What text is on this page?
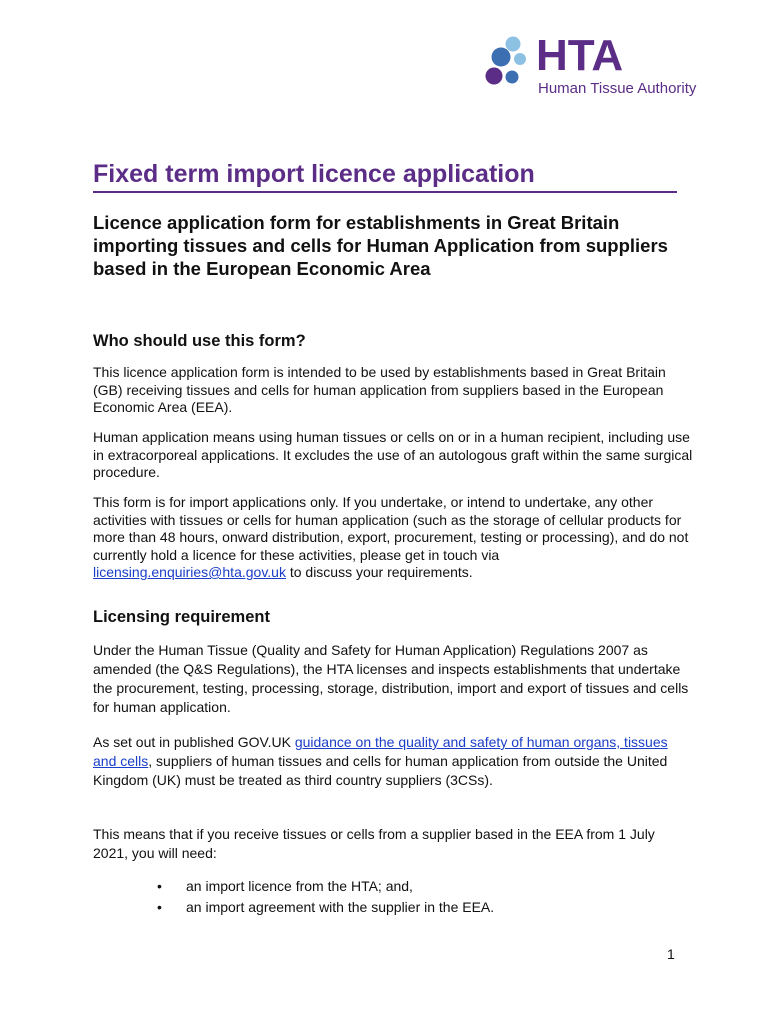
HTA
Human Tissue Authority
Fixed term import licence application
Licence application form for establishments in Great Britain importing tissues and cells for Human Application from suppliers based in the European Economic Area
Who should use this form?

This licence application form is intended to be used by establishments based in Great Britain (GB) receiving tissues and cells for human application from suppliers based in the European Economic Area (EEA).

Human application means using human tissues or cells on or in a human recipient, including use in extracorporeal applications. It excludes the use of an autologous graft within the same surgical procedure.

This form is for import applications only. If you undertake, or intend to undertake, any other activities with tissues or cells for human application (such as the storage of cellular products for more than 48 hours, onward distribution, export, procurement, testing or processing), and do not currently hold a licence for these activities, please get in touch via licensing.enquiries@hta.gov.uk to discuss your requirements.

Licensing requirement

Under the Human Tissue (Quality and Safety for Human Application) Regulations 2007 as amended (the Q&S Regulations), the HTA licenses and inspects establishments that undertake the procurement, testing, processing, storage, distribution, import and export of tissues and cells for human application.

As set out in published GOV.UK guidance on the quality and safety of human organs, tissues and cells, suppliers of human tissues and cells for human application from outside the United Kingdom (UK) must be treated as third country suppliers (3CSs).

This means that if you receive tissues or cells from a supplier based in the EEA from 1 July 2021, you will need:

• an import licence from the HTA; and,
• an import agreement with the supplier in the EEA.
1
